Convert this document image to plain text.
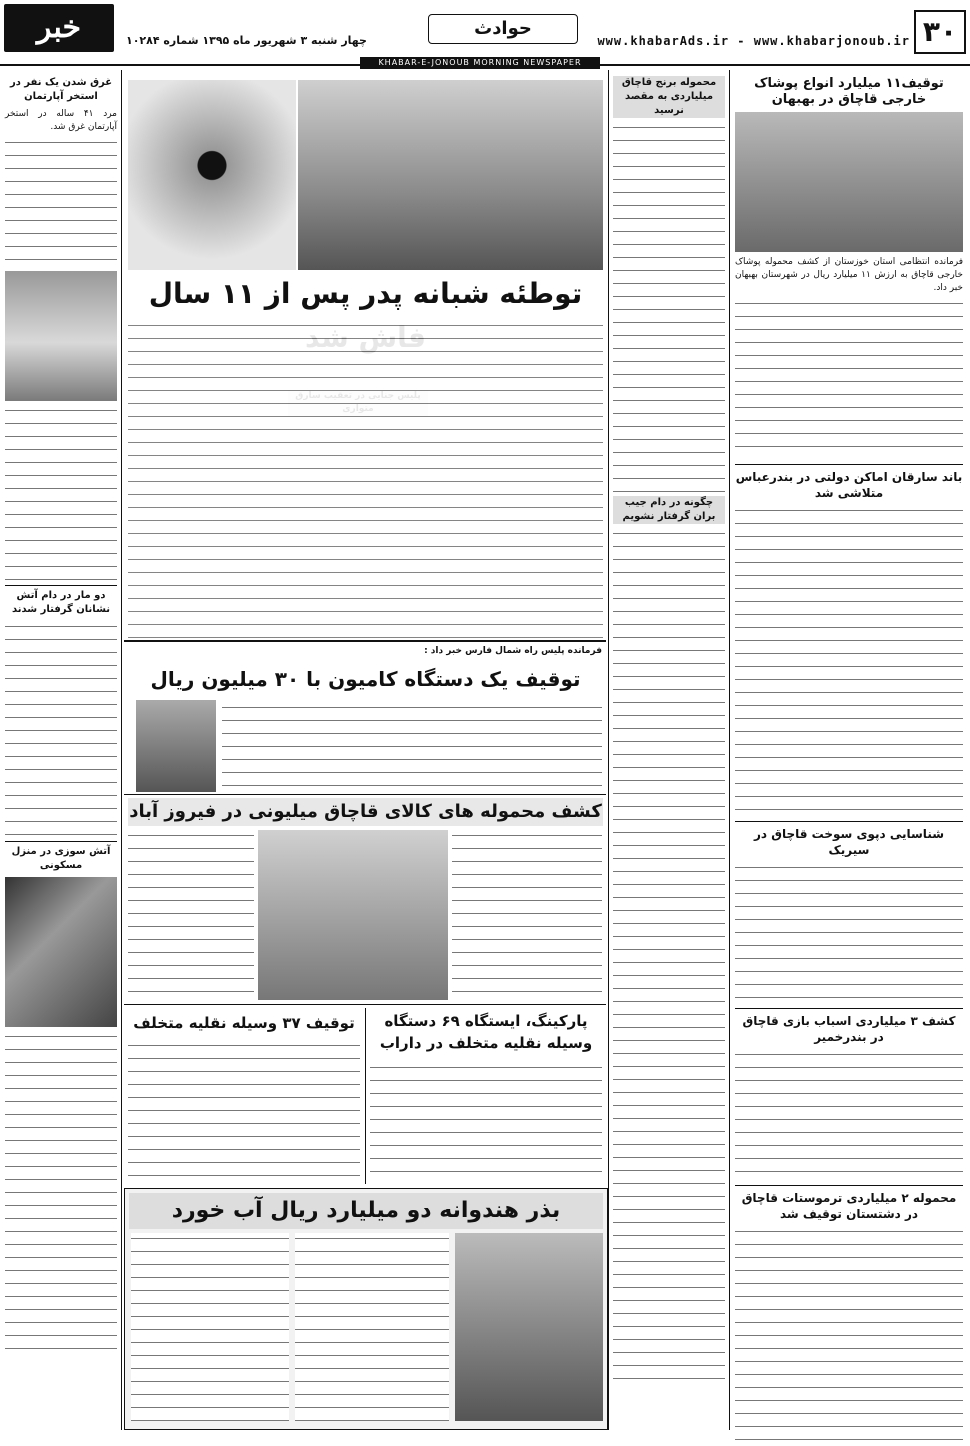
۳۰
www.khabarAds.ir - www.khabarjonoub.ir
حوادث
چهار شنبه ۳ شهریور ماه ۱۳۹۵ شماره ۱۰۲۸۴
خبر
KHABAR-E-JONOUB MORNING NEWSPAPER
توقیف۱۱ میلیارد انواع پوشاک خارجی قاچاق در بهبهان

فرمانده انتظامی استان خوزستان از کشف محموله پوشاک خارجی قاچاق به ارزش ۱۱ میلیارد ریال در شهرستان بهبهان خبر داد.

باند سارقان اماکن دولتی در بندرعباس متلاشی شد
شناسایی دپوی سوخت قاچاق در سیریک
کشف ۳ میلیاردی اسباب بازی قاچاق در بندرخمیر
محموله ۲ میلیاردی ترموستات قاچاق در دشتستان توقیف شد
محموله برنج قاچاق میلیاردی به مقصد نرسید
چگونه در دام جیب بران گرفتار نشویم
غرق شدن یک نفر در استخر آپارتمان

مرد ۴۱ ساله در استخر آپارتمان غرق شد.

دو مار در دام آتش نشانان گرفتار شدند
آتش سوزی در منزل مسکونی
توطئه شبانه پدر پس از ۱۱ سال
فرمانده پلیس راه شمال فارس خبر داد :
توقیف یک دستگاه کامیون با ۳۰ میلیون ریال
کشف محموله های کالای قاچاق میلیونی در فیروز آباد
پارکینگ، ایستگاه ۶۹ دستگاه وسیله نقلیه متخلف در داراب
توقیف ۳۷ وسیله نقلیه متخلف
بذر هندوانه دو میلیارد ریال آب خورد
